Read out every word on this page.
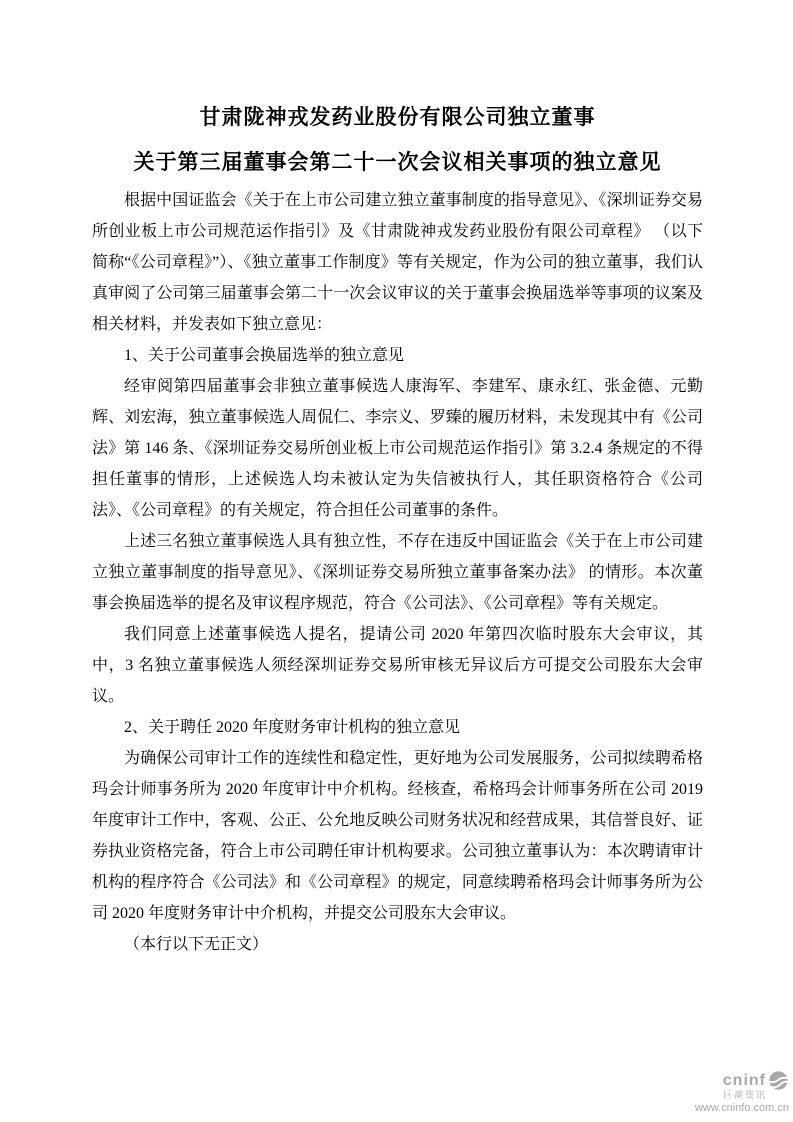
甘肃陇神戎发药业股份有限公司独立董事
关于第三届董事会第二十一次会议相关事项的独立意见

根据中国证监会《关于在上市公司建立独立董事制度的指导意见》、《深圳证券交易所创业板上市公司规范运作指引》及《甘肃陇神戎发药业股份有限公司章程》 （以下简称“《公司章程》”）、《独立董事工作制度》等有关规定，作为公司的独立董事，我们认真审阅了公司第三届董事会第二十一次会议审议的关于董事会换届选举等事项的议案及相关材料，并发表如下独立意见：

1、关于公司董事会换届选举的独立意见

经审阅第四届董事会非独立董事候选人康海军、李建军、康永红、张金德、元勤辉、刘宏海，独立董事候选人周侃仁、李宗义、罗臻的履历材料，未发现其中有《公司法》第 146 条、《深圳证券交易所创业板上市公司规范运作指引》第 3.2.4 条规定的不得担任董事的情形，上述候选人均未被认定为失信被执行人，其任职资格符合《公司法》、《公司章程》的有关规定，符合担任公司董事的条件。

上述三名独立董事候选人具有独立性，不存在违反中国证监会《关于在上市公司建立独立董事制度的指导意见》、《深圳证券交易所独立董事备案办法》 的情形。本次董事会换届选举的提名及审议程序规范，符合《公司法》、《公司章程》等有关规定。

我们同意上述董事候选人提名，提请公司 2020 年第四次临时股东大会审议，其中，3 名独立董事候选人须经深圳证券交易所审核无异议后方可提交公司股东大会审议。

2、关于聘任 2020 年度财务审计机构的独立意见

为确保公司审计工作的连续性和稳定性，更好地为公司发展服务，公司拟续聘希格玛会计师事务所为 2020 年度审计中介机构。经核查，希格玛会计师事务所在公司 2019 年度审计工作中，客观、公正、公允地反映公司财务状况和经营成果，其信誉良好、证券执业资格完备，符合上市公司聘任审计机构要求。公司独立董事认为：本次聘请审计机构的程序符合《公司法》和《公司章程》的规定，同意续聘希格玛会计师事务所为公司 2020 年度财务审计中介机构，并提交公司股东大会审议。

（本行以下无正文）

cninf
巨潮资讯
www.cninfo.com.cn
